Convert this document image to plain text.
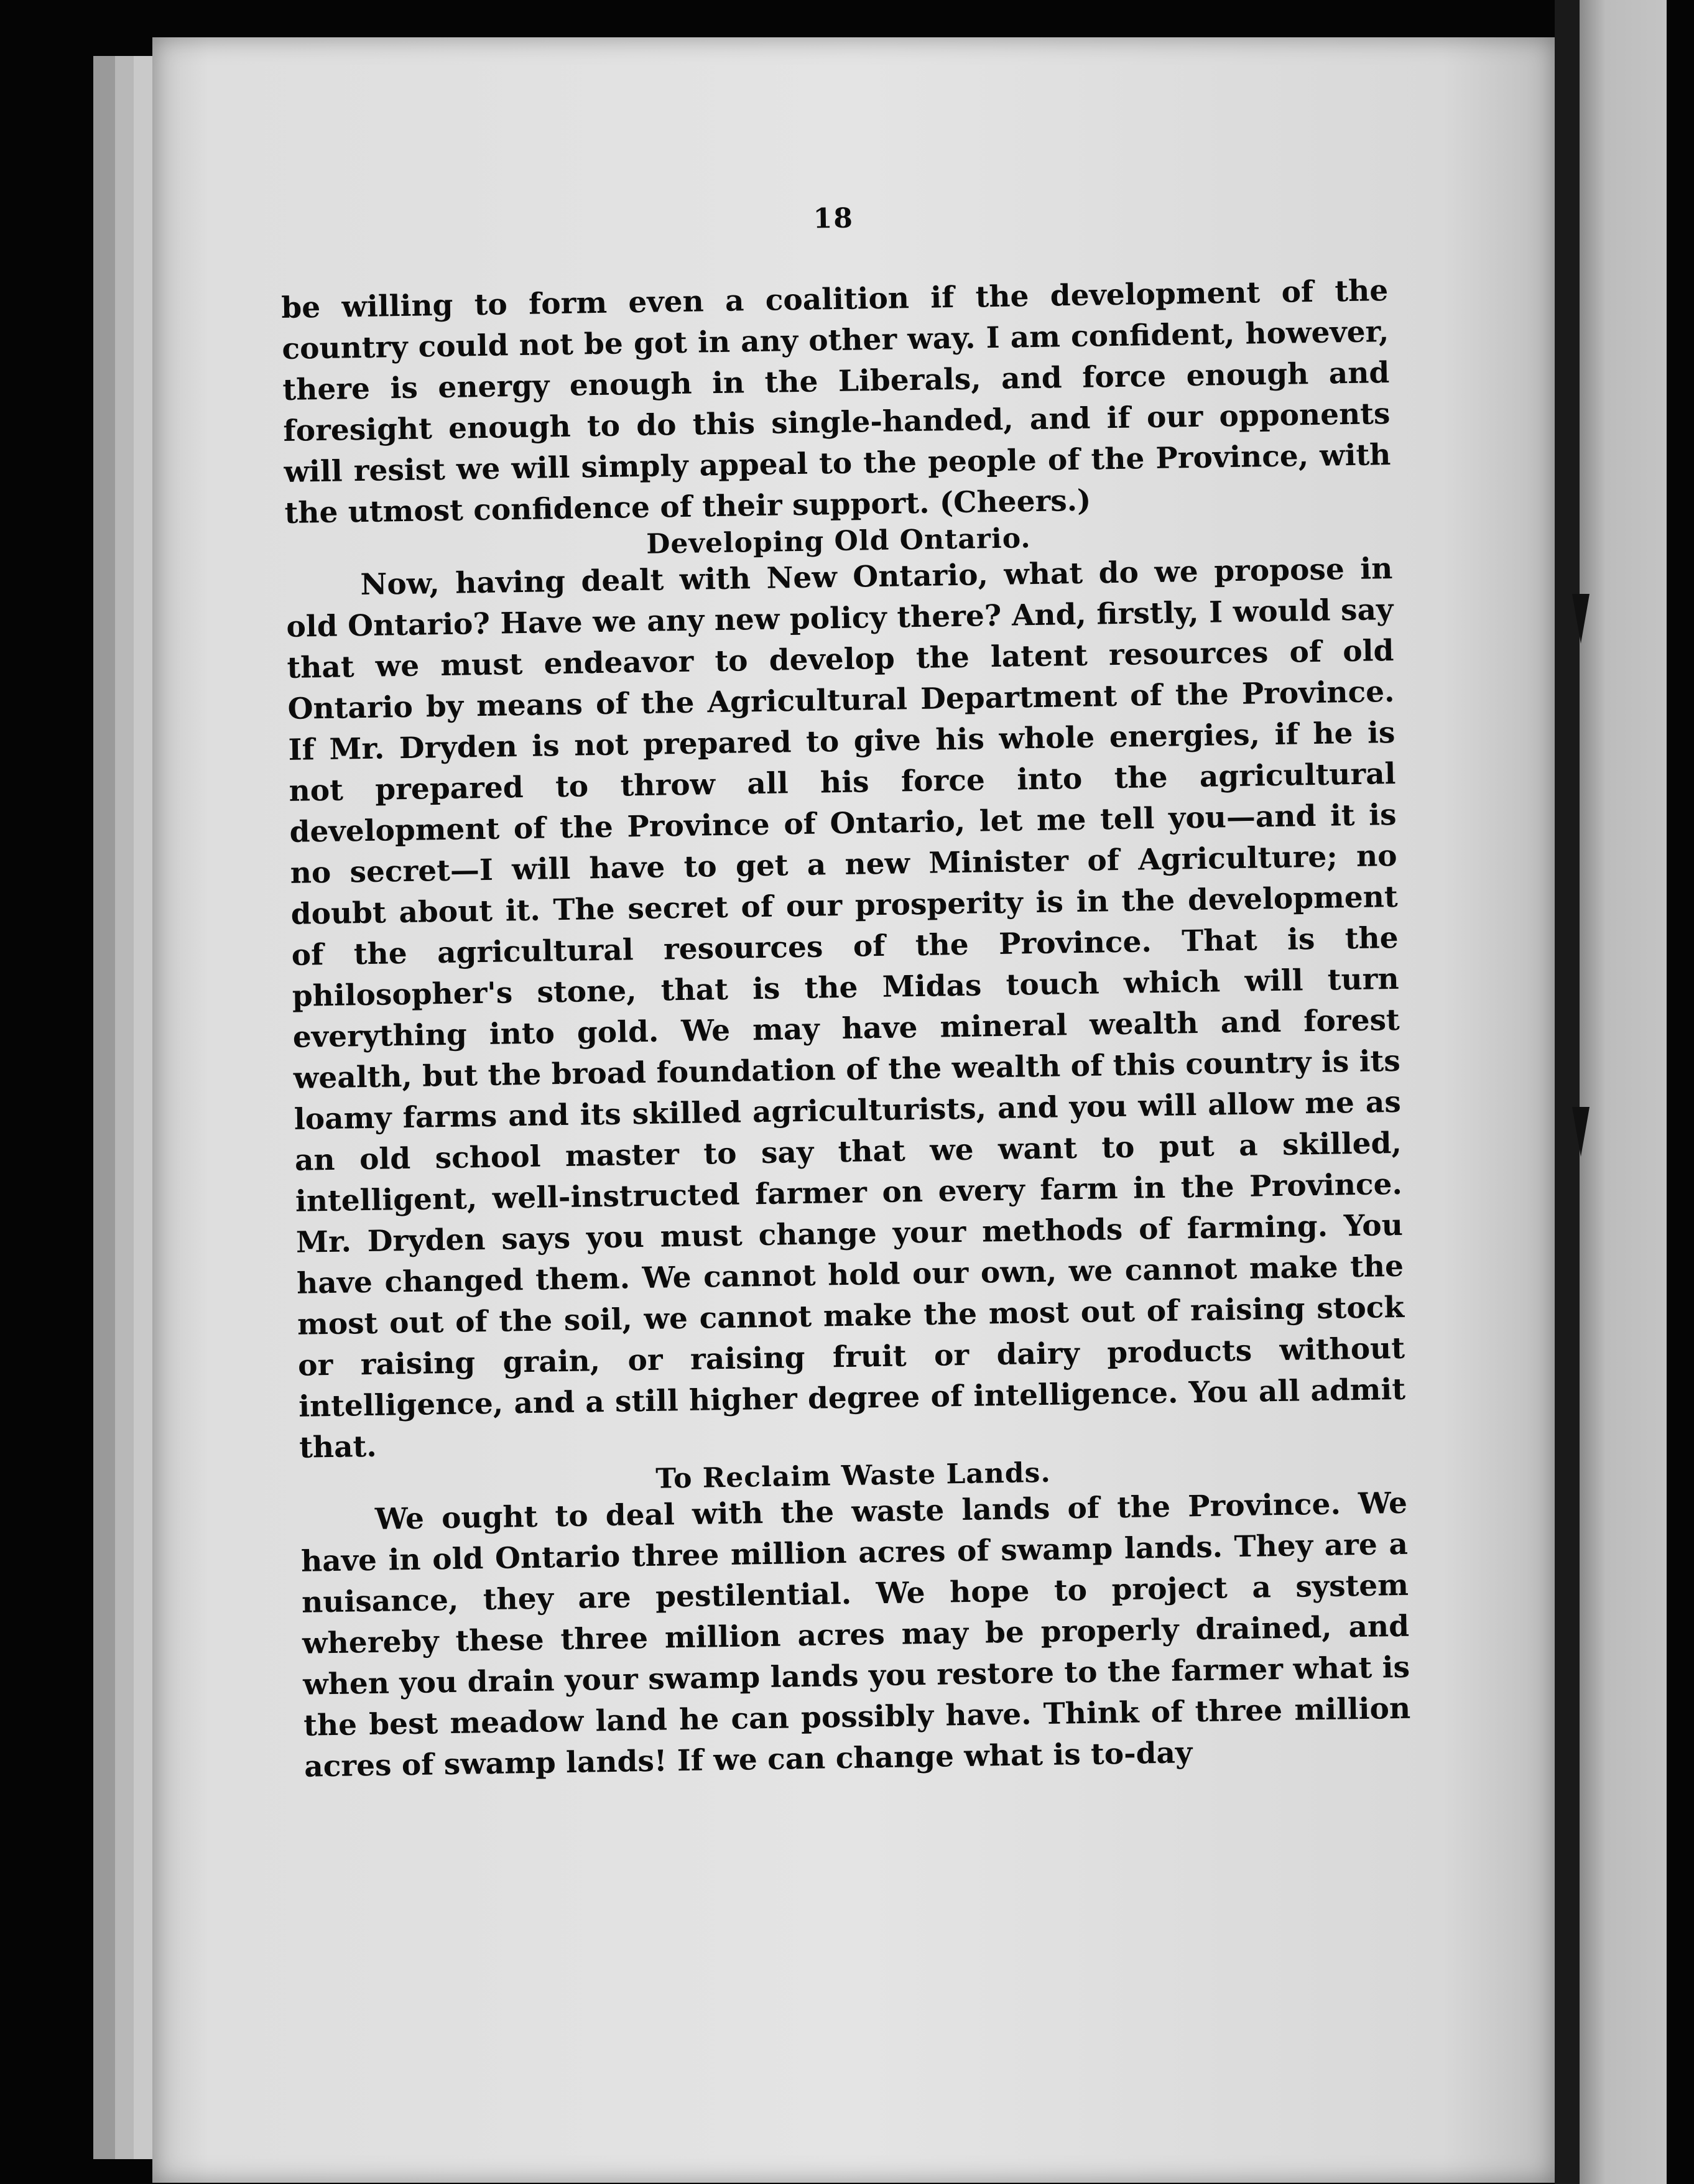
18

be willing to form even a coalition if the development of the country could not be got in any other way. I am confident, however, there is energy enough in the Liberals, and force enough and foresight enough to do this single-handed, and if our opponents will resist we will simply appeal to the people of the Province, with the utmost confidence of their support. (Cheers.)

Developing Old Ontario.

Now, having dealt with New Ontario, what do we propose in old Ontario? Have we any new policy there? And, firstly, I would say that we must endeavor to develop the latent resources of old Ontario by means of the Agricultural Department of the Province. If Mr. Dryden is not prepared to give his whole energies, if he is not prepared to throw all his force into the agricultural development of the Province of Ontario, let me tell you—and it is no secret—I will have to get a new Minister of Agriculture; no doubt about it. The secret of our prosperity is in the development of the agricultural resources of the Province. That is the philosopher's stone, that is the Midas touch which will turn everything into gold. We may have mineral wealth and forest wealth, but the broad foundation of the wealth of this country is its loamy farms and its skilled agriculturists, and you will allow me as an old school master to say that we want to put a skilled, intelligent, well-instructed farmer on every farm in the Province. Mr. Dryden says you must change your methods of farming. You have changed them. We cannot hold our own, we cannot make the most out of the soil, we cannot make the most out of raising stock or raising grain, or raising fruit or dairy products without intelligence, and a still higher degree of intelligence. You all admit that.

To Reclaim Waste Lands.

We ought to deal with the waste lands of the Province. We have in old Ontario three million acres of swamp lands. They are a nuisance, they are pestilential. We hope to project a system whereby these three million acres may be properly drained, and when you drain your swamp lands you restore to the farmer what is the best meadow land he can possibly have. Think of three million acres of swamp lands! If we can change what is to-day
